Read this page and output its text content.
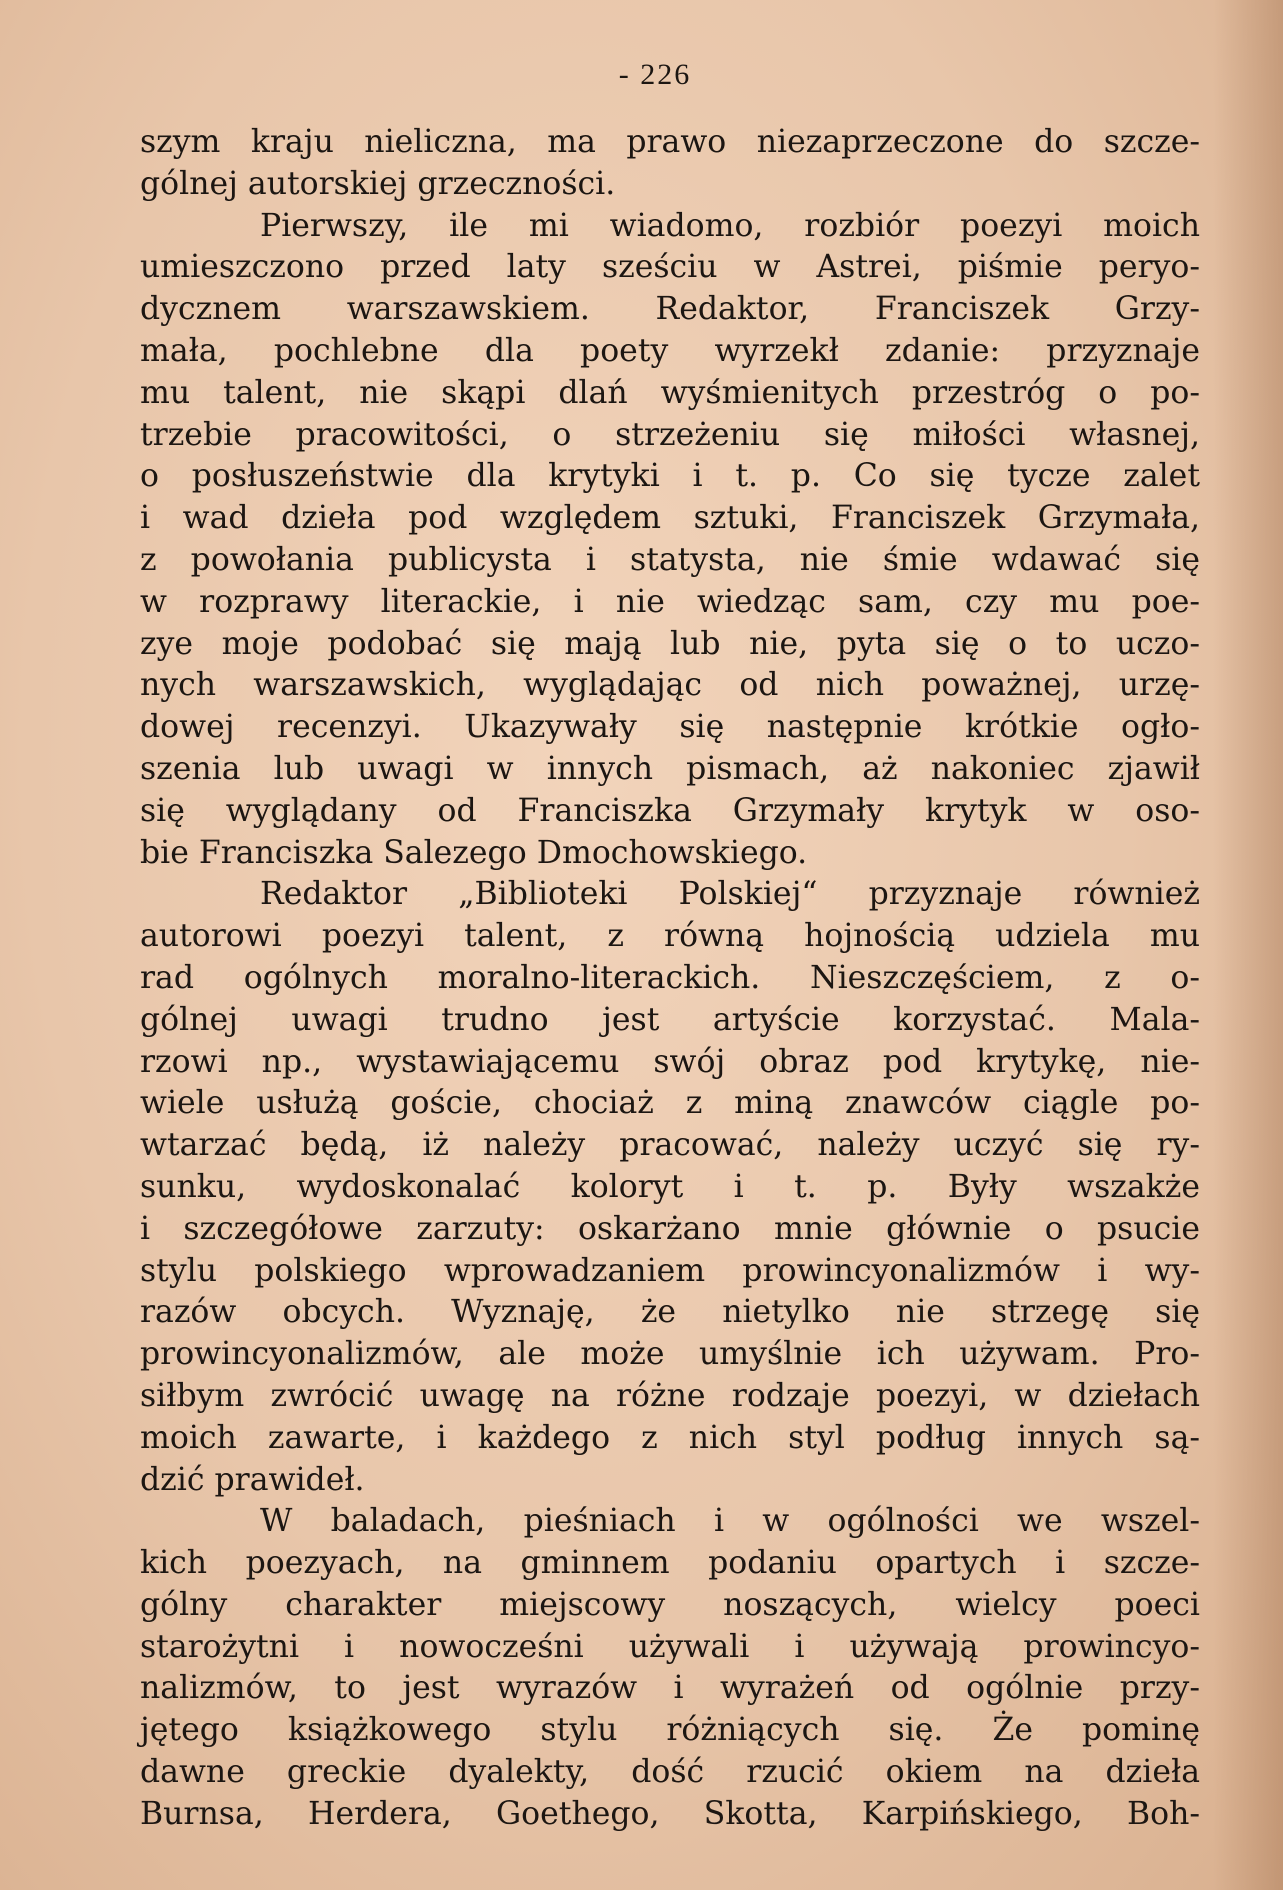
- 226
szym kraju nieliczna, ma prawo niezaprzeczone do szcze-
gólnej autorskiej grzeczności.
Pierwszy, ile mi wiadomo, rozbiór poezyi moich
umieszczono przed laty sześciu w Astrei, piśmie peryo-
dycznem warszawskiem. Redaktor, Franciszek Grzy-
mała, pochlebne dla poety wyrzekł zdanie: przyznaje
mu talent, nie skąpi dlań wyśmienitych przestróg o po-
trzebie pracowitości, o strzeżeniu się miłości własnej,
o posłuszeństwie dla krytyki i t. p. Co się tycze zalet
i wad dzieła pod względem sztuki, Franciszek Grzymała,
z powołania publicysta i statysta, nie śmie wdawać się
w rozprawy literackie, i nie wiedząc sam, czy mu poe-
zye moje podobać się mają lub nie, pyta się o to uczo-
nych warszawskich, wyglądając od nich poważnej, urzę-
dowej recenzyi. Ukazywały się następnie krótkie ogło-
szenia lub uwagi w innych pismach, aż nakoniec zjawił
się wyglądany od Franciszka Grzymały krytyk w oso-
bie Franciszka Salezego Dmochowskiego.
Redaktor „Biblioteki Polskiej“ przyznaje również
autorowi poezyi talent, z równą hojnością udziela mu
rad ogólnych moralno-literackich. Nieszczęściem, z o-
gólnej uwagi trudno jest artyście korzystać. Mala-
rzowi np., wystawiającemu swój obraz pod krytykę, nie-
wiele usłużą goście, chociaż z miną znawców ciągle po-
wtarzać będą, iż należy pracować, należy uczyć się ry-
sunku, wydoskonalać koloryt i t. p. Były wszakże
i szczegółowe zarzuty: oskarżano mnie głównie o psucie
stylu polskiego wprowadzaniem prowincyonalizmów i wy-
razów obcych. Wyznaję, że nietylko nie strzegę się
prowincyonalizmów, ale może umyślnie ich używam. Pro-
siłbym zwrócić uwagę na różne rodzaje poezyi, w dziełach
moich zawarte, i każdego z nich styl podług innych są-
dzić prawideł.
W baladach, pieśniach i w ogólności we wszel-
kich poezyach, na gminnem podaniu opartych i szcze-
gólny charakter miejscowy noszących, wielcy poeci
starożytni i nowocześni używali i używają prowincyo-
nalizmów, to jest wyrazów i wyrażeń od ogólnie przy-
jętego książkowego stylu różniących się. Że pominę
dawne greckie dyalekty, dość rzucić okiem na dzieła
Burnsa, Herdera, Goethego, Skotta, Karpińskiego, Boh-
